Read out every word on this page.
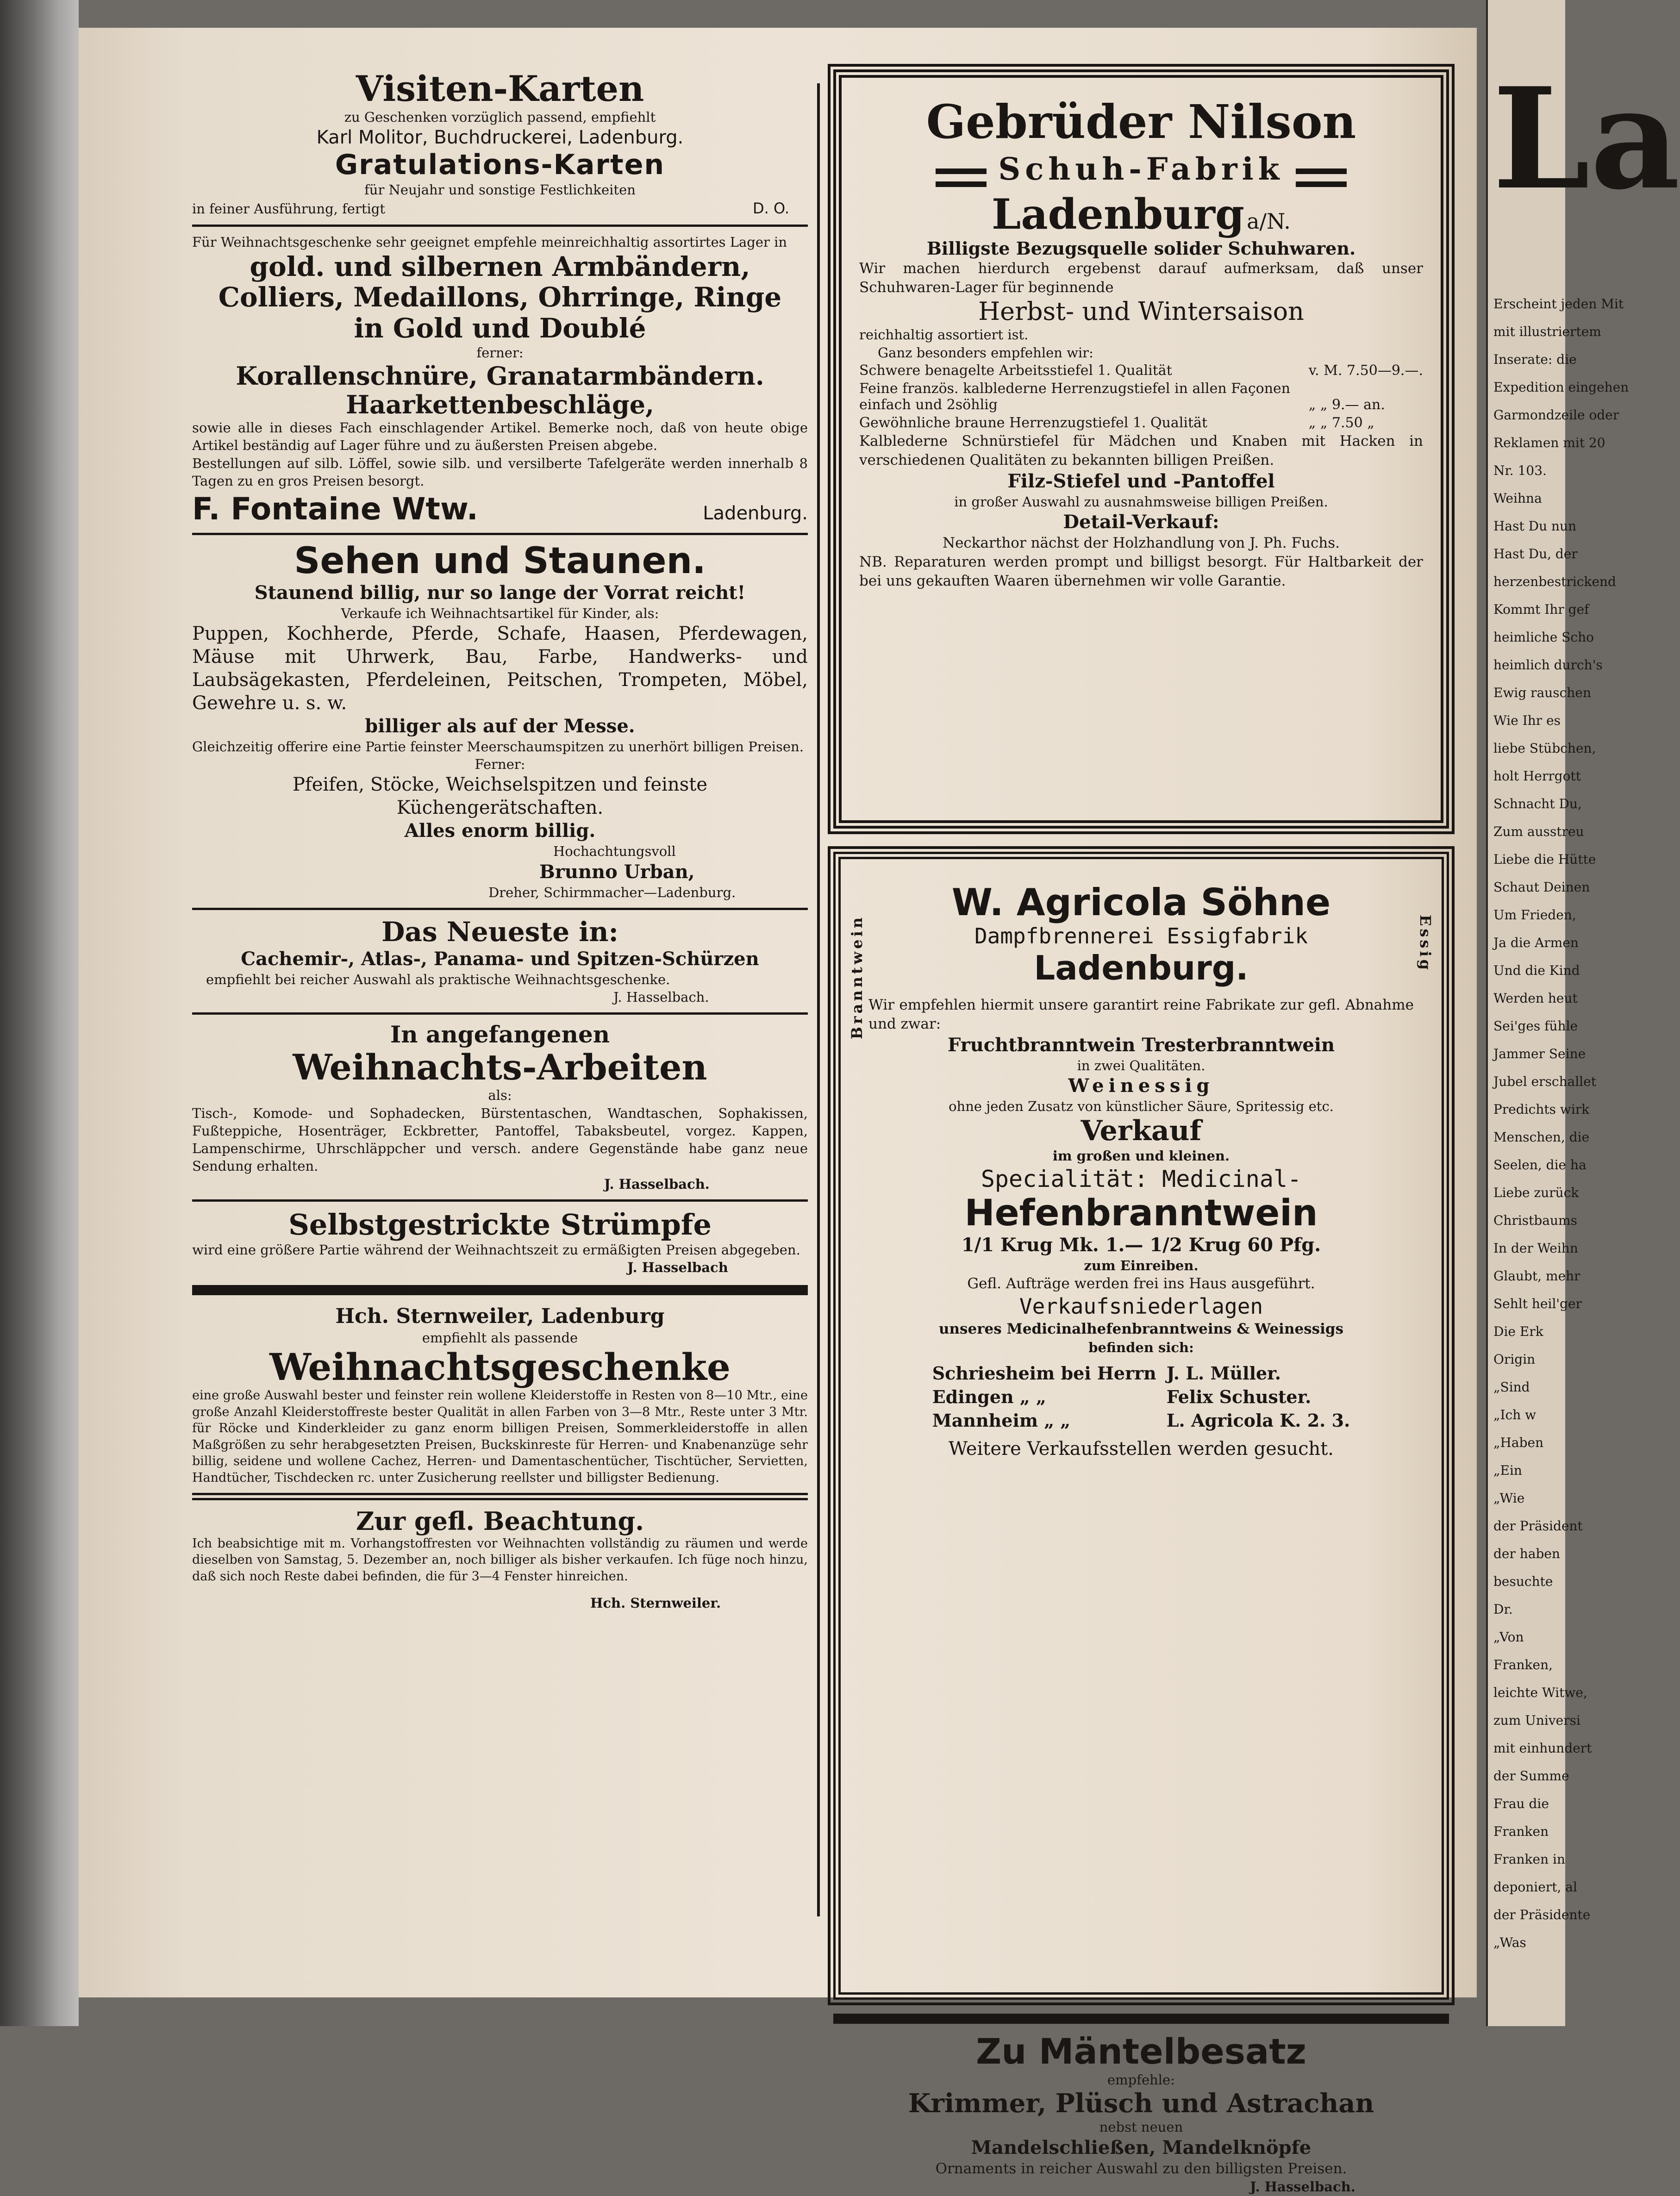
La
Erscheint jeden Mit
mit illustriertem
Inserate: die
Expedition eingehen
Garmondzeile oder
Reklamen mit 20
Nr. 103.
Weihna
Hast Du nun
Hast Du, der
herzenbestrickend
Kommt Ihr gef
heimliche Scho
heimlich durch's
Ewig rauschen
Wie Ihr es
liebe Stübchen,
holt Herrgott
Schnacht Du,
Zum ausstreu
Liebe die Hütte
Schaut Deinen
Um Frieden,
Ja die Armen
Und die Kind
Werden heut
Sei'ges fühle
Jammer Seine
Jubel erschallet
Predichts wirk
Menschen, die
Seelen, die ha
Liebe zurück
Christbaums
In der Weihn
Glaubt, mehr
Sehlt heil'ger
Die Erk
Origin
„Sind
„Ich w
„Haben
„Ein
„Wie
der Präsident
der haben
besuchte
Dr.
„Von
Franken,
leichte Witwe,
zum Universi
mit einhundert
der Summe
Frau die
Franken
Franken in
deponiert, al
der Präsidente
„Was
Visiten-Karten
zu Geschenken vorzüglich passend, empfiehlt
Karl Molitor, Buchdruckerei, Ladenburg.
Gratulations-Karten
für Neujahr und sonstige Festlichkeiten
in feiner Ausführung, fertigt	D. O.
Für Weihnachtsgeschenke sehr geeignet empfehle meinreichhaltig assortirtes Lager in
gold. und silbernen Armbändern,
Colliers, Medaillons, Ohrringe, Ringe
in Gold und Doublé
ferner:
Korallenschnüre, Granatarmbändern.
Haarkettenbeschläge,
sowie alle in dieses Fach einschlagender Artikel. Bemerke noch, daß von heute obige Artikel beständig auf Lager führe und zu äußersten Preisen abgebe.
Bestellungen auf silb. Löffel, sowie silb. und versilberte Tafelgeräte werden innerhalb 8 Tagen zu en gros Preisen besorgt.
F. Fontaine Wtw.	Ladenburg.
Sehen und Staunen.
Staunend billig, nur so lange der Vorrat reicht!
Verkaufe ich Weihnachtsartikel für Kinder, als:
Puppen, Kochherde, Pferde, Schafe, Haasen, Pferdewagen, Mäuse mit Uhrwerk, Bau, Farbe, Handwerks- und Laubsägekasten, Pferdeleinen, Peitschen, Trompeten, Möbel, Gewehre u. s. w.
billiger als auf der Messe.
Gleichzeitig offerire eine Partie feinster Meerschaumspitzen zu unerhört billigen Preisen.
Ferner:
Pfeifen, Stöcke, Weichselspitzen und feinste Küchengerätschaften.
Alles enorm billig.
Hochachtungsvoll
Brunno Urban,
Dreher, Schirmmacher—Ladenburg.
Das Neueste in:
Cachemir-, Atlas-, Panama- und Spitzen-Schürzen
empfiehlt bei reicher Auswahl als praktische Weihnachtsgeschenke.
J. Hasselbach.
In angefangenen
Weihnachts-Arbeiten
als:
Tisch-, Komode- und Sophadecken, Bürstentaschen, Wandtaschen, Sophakissen, Fußteppiche, Hosenträger, Eckbretter, Pantoffel, Tabaksbeutel, vorgez. Kappen, Lampenschirme, Uhrschläppcher und versch. andere Gegenstände habe ganz neue Sendung erhalten.
J. Hasselbach.
Selbstgestrickte Strümpfe
wird eine größere Partie während der Weihnachtszeit zu ermäßigten Preisen abgegeben.
J. Hasselbach
Hch. Sternweiler, Ladenburg
empfiehlt als passende
Weihnachtsgeschenke
eine große Auswahl bester und feinster rein wollene Kleiderstoffe in Resten von 8—10 Mtr., eine große Anzahl Kleiderstoffreste bester Qualität in allen Farben von 3—8 Mtr., Reste unter 3 Mtr. für Röcke und Kinderkleider zu ganz enorm billigen Preisen, Sommerkleiderstoffe in allen Maßgrößen zu sehr herabgesetzten Preisen, Buckskinreste für Herren- und Knabenanzüge sehr billig, seidene und wollene Cachez, Herren- und Damentaschentücher, Tischtücher, Servietten, Handtücher, Tischdecken rc. unter Zusicherung reellster und billigster Bedienung.
Zur gefl. Beachtung.
Ich beabsichtige mit m. Vorhangstoffresten vor Weihnachten vollständig zu räumen und werde dieselben von Samstag, 5. Dezember an, noch billiger als bisher verkaufen. Ich füge noch hinzu, daß sich noch Reste dabei befinden, die für 3—4 Fenster hinreichen.
Hch. Sternweiler.
Gebrüder Nilson
Schuh-Fabrik
Ladenburg a/N.
Billigste Bezugsquelle solider Schuhwaren.
Wir machen hierdurch ergebenst darauf aufmerksam, daß unser Schuhwaren-Lager für beginnende
Herbst- und Wintersaison
reichhaltig assortiert ist.
Ganz besonders empfehlen wir:
Schwere benagelte Arbeitsstiefel 1. Qualität	v. M. 7.50—9.—.
Feine französ. kalblederne Herrenzugstiefel in allen Façonen einfach und 2söhlig	„ „ 9.— an.
Gewöhnliche braune Herrenzugstiefel 1. Qualität	„ „ 7.50 „
Kalblederne Schnürstiefel für Mädchen und Knaben mit Hacken in verschiedenen Qualitäten zu bekannten billigen Preißen.
Filz-Stiefel und -Pantoffel
in großer Auswahl zu ausnahmsweise billigen Preißen.
Detail-Verkauf:
Neckarthor nächst der Holzhandlung von J. Ph. Fuchs.
NB. Reparaturen werden prompt und billigst besorgt. Für Haltbarkeit der bei uns gekauften Waaren übernehmen wir volle Garantie.
Branntwein	Essig
W. Agricola Söhne
Dampfbrennerei Essigfabrik
Ladenburg.
Wir empfehlen hiermit unsere garantirt reine Fabrikate zur gefl. Abnahme und zwar:
Fruchtbranntwein Tresterbranntwein
in zwei Qualitäten.
Weinessig
ohne jeden Zusatz von künstlicher Säure, Spritessig etc.
Verkauf
im großen und kleinen.
Specialität: Medicinal-
Hefenbranntwein
1/1 Krug Mk. 1.— 1/2 Krug 60 Pfg.
zum Einreiben.
Gefl. Aufträge werden frei ins Haus ausgeführt.
Verkaufsniederlagen
unseres Medicinalhefenbranntweins & Weinessigs
befinden sich:
Schriesheim bei Herrn	J. L. Müller.
Edingen „ „	Felix Schuster.
Mannheim „ „	L. Agricola K. 2. 3.
Weitere Verkaufsstellen werden gesucht.
Zu Mäntelbesatz
empfehle:
Krimmer, Plüsch und Astrachan
nebst neuen
Mandelschließen, Mandelknöpfe
Ornaments in reicher Auswahl zu den billigsten Preisen.
J. Hasselbach.
